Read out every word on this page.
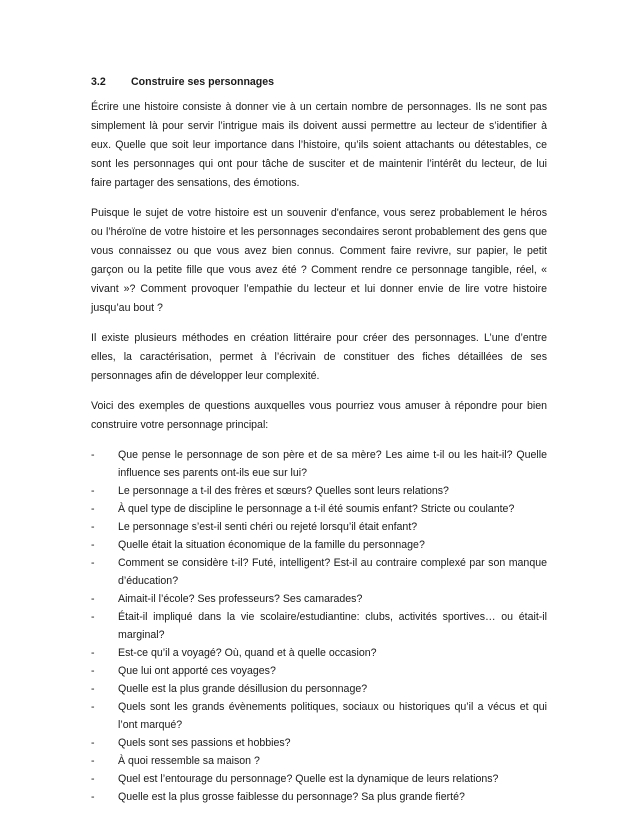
3.2	Construire ses personnages

Écrire une histoire consiste à donner vie à un certain nombre de personnages. Ils ne sont pas simplement là pour servir l’intrigue mais ils doivent aussi permettre au lecteur de s’identifier à eux. Quelle que soit leur importance dans l’histoire, qu’ils soient attachants ou détestables, ce sont les personnages qui ont pour tâche de susciter et de maintenir l’intérêt du lecteur, de lui faire partager des sensations, des émotions.

Puisque le sujet de votre histoire est un souvenir d'enfance, vous serez probablement le héros ou l’héroïne de votre histoire et les personnages secondaires seront probablement des gens que vous connaissez ou que vous avez bien connus. Comment faire revivre, sur papier, le petit garçon ou la petite fille que vous avez été ? Comment rendre ce personnage tangible, réel, « vivant »? Comment provoquer l’empathie du lecteur et lui donner envie de lire votre histoire jusqu’au bout ?

Il existe plusieurs méthodes en création littéraire pour créer des personnages. L’une d’entre elles, la caractérisation, permet à l’écrivain de constituer des fiches détaillées de ses personnages afin de développer leur complexité.

Voici des exemples de questions auxquelles vous pourriez vous amuser à répondre pour bien construire votre personnage principal:

-	Que pense le personnage de son père et de sa mère? Les aime t-il ou les hait-il? Quelle influence ses parents ont-ils eue sur lui?
-	Le personnage a t-il des frères et sœurs? Quelles sont leurs relations?
-	À quel type de discipline le personnage a t-il été soumis enfant? Stricte ou coulante?
-	Le personnage s’est-il senti chéri ou rejeté lorsqu’il était enfant?
-	Quelle était la situation économique de la famille du personnage?
-	Comment se considère t-il? Futé, intelligent? Est-il au contraire complexé par son manque d’éducation?
-	Aimait-il l’école? Ses professeurs? Ses camarades?
-	Était-il impliqué dans la vie scolaire/estudiantine: clubs, activités sportives… ou était-il marginal?
-	Est-ce qu’il a voyagé? Où, quand et à quelle occasion?
-	Que lui ont apporté ces voyages?
-	Quelle est la plus grande désillusion du personnage?
-	Quels sont les grands évènements politiques, sociaux ou historiques qu’il a vécus et qui l’ont marqué?
-	Quels sont ses passions et hobbies?
-	À quoi ressemble sa maison ?
-	Quel est l’entourage du personnage? Quelle est la dynamique de leurs relations?
-	Quelle est la plus grosse faiblesse du personnage? Sa plus grande fierté?
